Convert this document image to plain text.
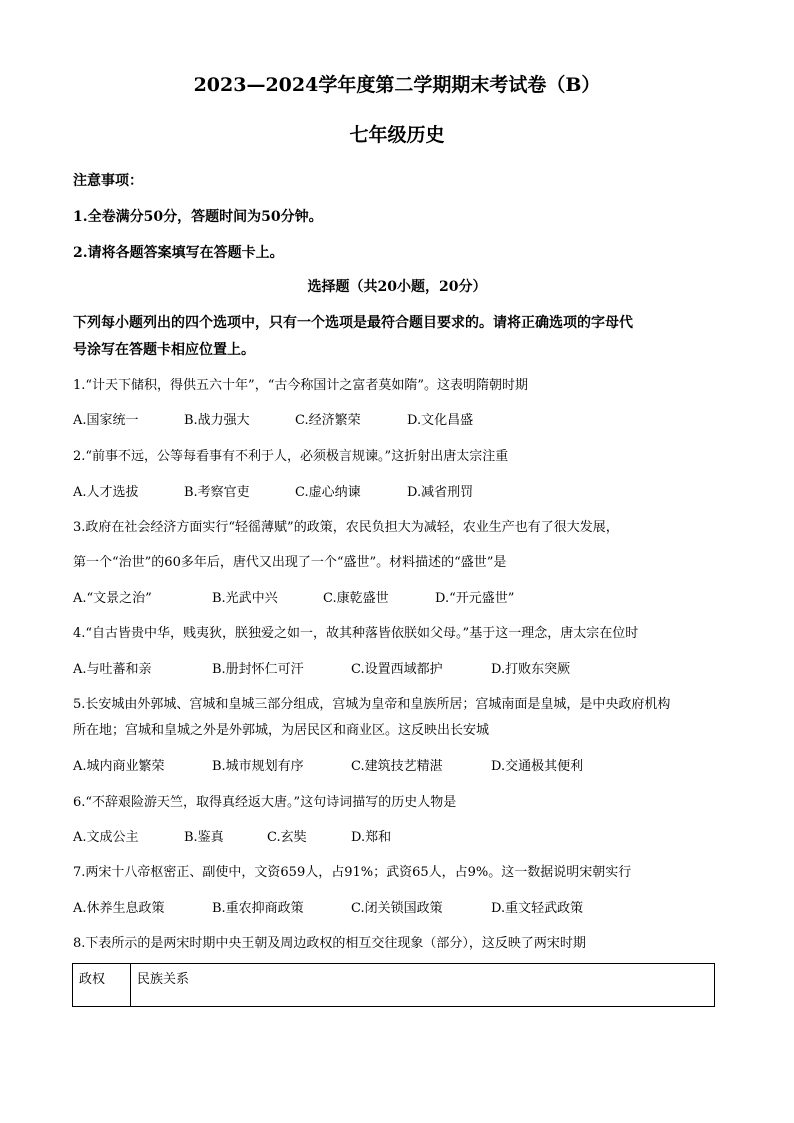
2023—2024学年度第二学期期末考试卷（B）
七年级历史
注意事项：
1.全卷满分50分，答题时间为50分钟。
2.请将各题答案填写在答题卡上。
选择题（共20小题，20分）
下列每小题列出的四个选项中，只有一个选项是最符合题目要求的。请将正确选项的字母代
号涂写在答题卡相应位置上。
1.“计天下储积，得供五六十年”，“古今称国计之富者莫如隋”。这表明隋朝时期
A.国家统一	B.战力强大	C.经济繁荣	D.文化昌盛
2.“前事不远，公等每看事有不利于人，必须极言规谏。”这折射出唐太宗注重
A.人才选拔	B.考察官吏	C.虚心纳谏	D.减省刑罚
3.政府在社会经济方面实行“轻徭薄赋”的政策，农民负担大为减轻，农业生产也有了很大发展，
第一个“治世”的60多年后，唐代又出现了一个“盛世”。材料描述的“盛世”是
A.“文景之治”	B.光武中兴	C.康乾盛世	D.“开元盛世”
4.“自古皆贵中华，贱夷狄，朕独爱之如一，故其种落皆依朕如父母。”基于这一理念，唐太宗在位时
A.与吐蕃和亲	B.册封怀仁可汗	C.设置西域都护	D.打败东突厥
5.长安城由外郭城、宫城和皇城三部分组成，宫城为皇帝和皇族所居；宫城南面是皇城，是中央政府机构
所在地；宫城和皇城之外是外郭城，为居民区和商业区。这反映出长安城
A.城内商业繁荣	B.城市规划有序	C.建筑技艺精湛	D.交通极其便利
6.“不辞艰险游天竺，取得真经返大唐。”这句诗词描写的历史人物是
A.文成公主	B.鉴真	C.玄奘	D.郑和
7.两宋十八帝枢密正、副使中，文资659人，占91%；武资65人，占9%。这一数据说明宋朝实行
A.休养生息政策	B.重农抑商政策	C.闭关锁国政策	D.重文轻武政策
8.下表所示的是两宋时期中央王朝及周边政权的相互交往现象（部分），这反映了两宋时期
政权	民族关系
